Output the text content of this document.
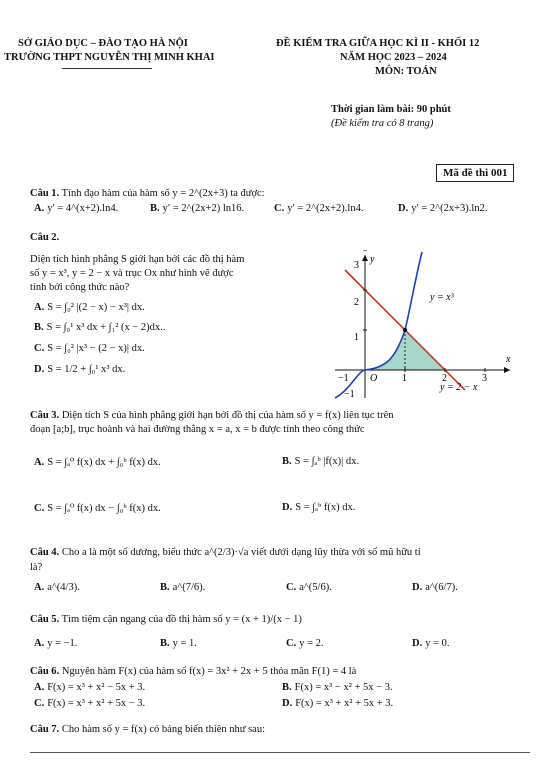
SỞ GIÁO DỤC – ĐÀO TẠO HÀ NỘI
TRƯỜNG THPT NGUYỄN THỊ MINH KHAI
ĐỀ KIỂM TRA GIỮA HỌC KÌ II - KHỐI 12
NĂM HỌC 2023 – 2024
MÔN: TOÁN
Thời gian làm bài: 90 phút
(Đề kiểm tra có 8 trang)
Mã đề thi 001
Câu 1. Tính đạo hàm của hàm số y = 2^(2x+3) ta được:
A. y′ = 4^(x+2).ln4.	B. y′ = 2^(2x+2) ln16.	C. y′ = 2^(2x+2).ln4.	D. y′ = 2^(2x+3).ln2.
Câu 2.
Diện tích hình phẳng S giới hạn bởi các đồ thị hàm
số y = x³, y = 2 − x và trục Ox như hình vẽ được
tính bởi công thức nào?
A. S = ∫₀² |(2 − x) − x³| dx.
B. S = ∫₀¹ x³ dx + ∫₁² (x − 2)dx..
C. S = ∫₀² |x³ − (2 − x)| dx.
D. S = 1/2 + ∫₀¹ x³ dx.
y
x
O
−1	1	2	3
3
2
1
−1
y = x³
y = 2 − x
Câu 3. Diện tích S của hình phẳng giới hạn bởi đồ thị của hàm số y = f(x) liên tục trên
đoạn [a;b], trục hoành và hai đường thẳng x = a, x = b được tính theo công thức
A. S = ∫ₐ⁰ f(x) dx + ∫₀ᵇ f(x) dx.	B. S = ∫ₐᵇ |f(x)| dx.
C. S = ∫ₐ⁰ f(x) dx − ∫₀ᵇ f(x) dx.	D. S = ∫ₐᵇ f(x) dx.
Câu 4. Cho a là một số dương, biểu thức a^(2/3)·√a viết dưới dạng lũy thừa với số mũ hữu tỉ
là?
A. a^(4/3).	B. a^(7/6).	C. a^(5/6).	D. a^(6/7).
Câu 5. Tìm tiệm cận ngang của đồ thị hàm số y = (x + 1)/(x − 1)
A. y = −1.	B. y = 1.	C. y = 2.	D. y = 0.
Câu 6. Nguyên hàm F(x) của hàm số f(x) = 3x² + 2x + 5 thỏa mãn F(1) = 4 là
A. F(x) = x³ + x² − 5x + 3.	B. F(x) = x³ − x² + 5x − 3.
C. F(x) = x³ + x² + 5x − 3.	D. F(x) = x³ + x² + 5x + 3.
Câu 7. Cho hàm số y = f(x) có bảng biến thiên như sau:
